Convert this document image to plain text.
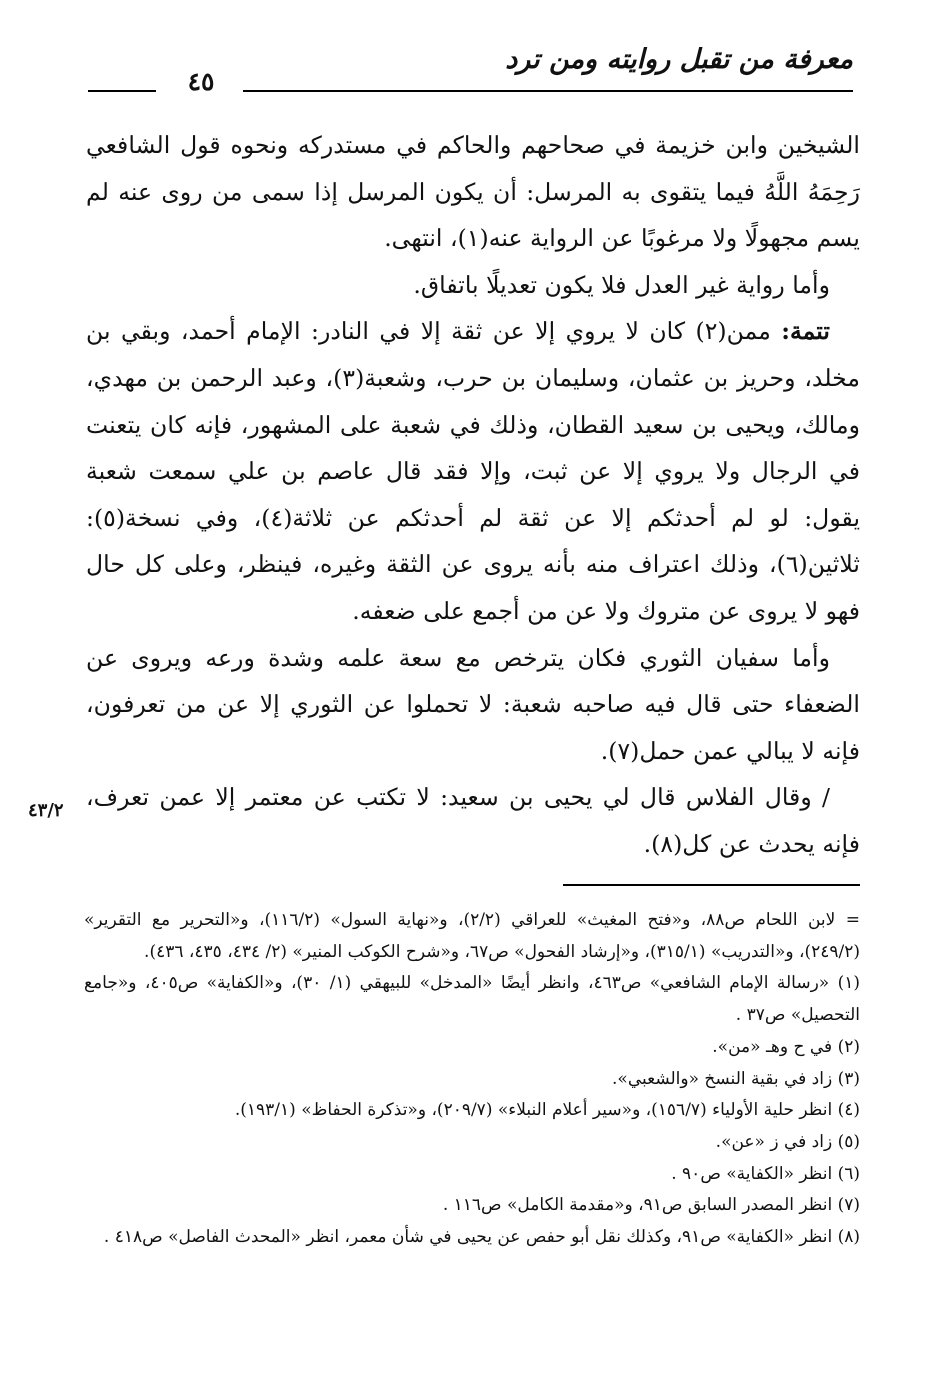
معرفة من تقبل روايته ومن ترد
٤٥

الشيخين وابن خزيمة في صحاحهم والحاكم في مستدركه ونحوه قول الشافعي رَحِمَهُ اللَّهُ فيما يتقوى به المرسل: أن يكون المرسل إذا سمى من روى عنه لم يسم مجهولًا ولا مرغوبًا عن الرواية عنه(١)، انتهى.

وأما رواية غير العدل فلا يكون تعديلًا باتفاق.

تتمة: ممن(٢) كان لا يروي إلا عن ثقة إلا في النادر: الإمام أحمد، وبقي بن مخلد، وحريز بن عثمان، وسليمان بن حرب، وشعبة(٣)، وعبد الرحمن بن مهدي، ومالك، ويحيى بن سعيد القطان، وذلك في شعبة على المشهور، فإنه كان يتعنت في الرجال ولا يروي إلا عن ثبت، وإلا فقد قال عاصم بن علي سمعت شعبة يقول: لو لم أحدثكم إلا عن ثقة لم أحدثكم عن ثلاثة(٤)، وفي نسخة(٥): ثلاثين(٦)، وذلك اعتراف منه بأنه يروى عن الثقة وغيره، فينظر، وعلى كل حال فهو لا يروى عن متروك ولا عن من أجمع على ضعفه.

وأما سفيان الثوري فكان يترخص مع سعة علمه وشدة ورعه ويروى عن الضعفاء حتى قال فيه صاحبه شعبة: لا تحملوا عن الثوري إلا عن من تعرفون، فإنه لا يبالي عمن حمل(٧).

/ وقال الفلاس قال لي يحيى بن سعيد: لا تكتب عن معتمر إلا عمن تعرف، فإنه يحدث عن كل(٨).

٤٣/٢

= لابن اللحام ص٨٨، و«فتح المغيث» للعراقي (٢/٢)، و«نهاية السول» (١١٦/٢)، و«التحرير مع التقرير» (٢٤٩/٢)، و«التدريب» (٣١٥/١)، و«إرشاد الفحول» ص٦٧، و«شرح الكوكب المنير» (٢/ ٤٣٤، ٤٣٥، ٤٣٦).

(١) «رسالة الإمام الشافعي» ص٤٦٣، وانظر أيضًا «المدخل» للبيهقي (١/ ٣٠)، و«الكفاية» ص٤٠٥، و«جامع التحصيل» ص٣٧ .

(٢) في ح وهـ «من».

(٣) زاد في بقية النسخ «والشعبي».

(٤) انظر حلية الأولياء (١٥٦/٧)، و«سير أعلام النبلاء» (٢٠٩/٧)، و«تذكرة الحفاظ» (١٩٣/١).

(٥) زاد في ز «عن».

(٦) انظر «الكفاية» ص٩٠ .

(٧) انظر المصدر السابق ص٩١، و«مقدمة الكامل» ص١١٦ .

(٨) انظر «الكفاية» ص٩١، وكذلك نقل أبو حفص عن يحيى في شأن معمر، انظر «المحدث الفاصل» ص٤١٨ .
